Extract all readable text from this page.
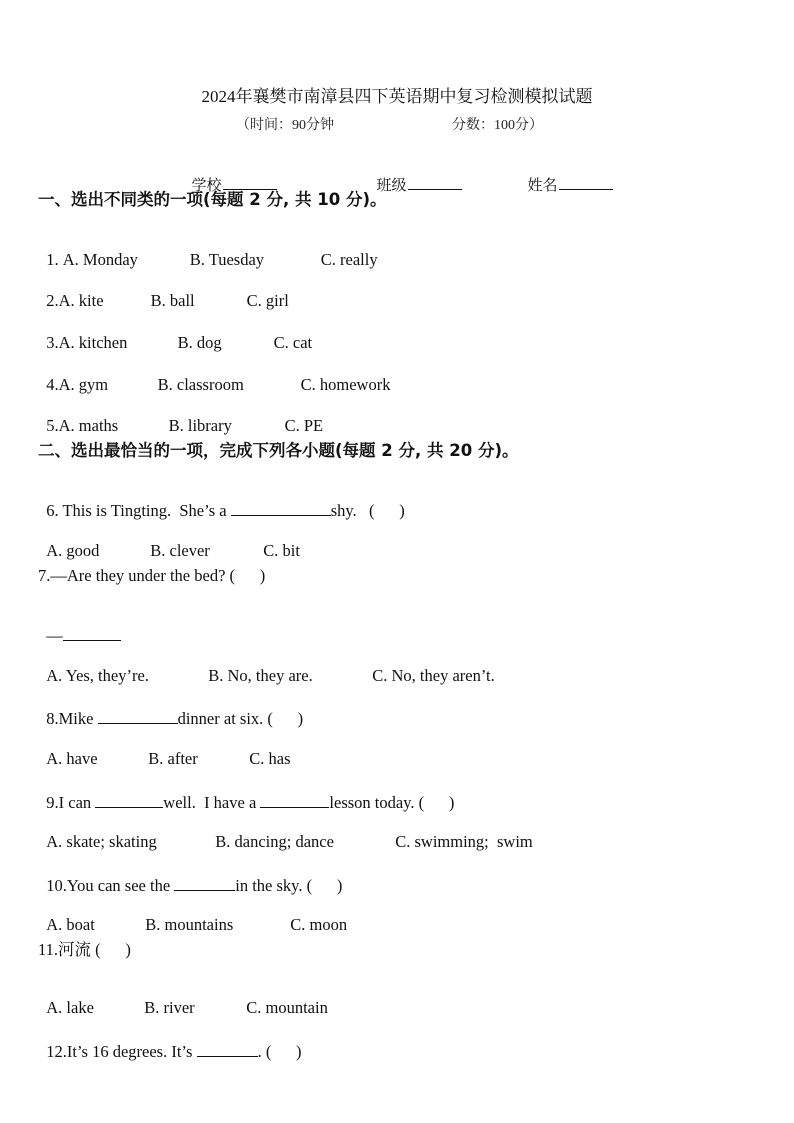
2024年襄樊市南漳县四下英语期中复习检测模拟试题
（时间：90分钟	分数：100分）

学校	班级	姓名

一、选出不同类的一项(每题 2 分, 共 10 分)。

1. A. Monday	B. Tuesday	C. really

2.A. kite	B. ball	C. girl

3.A. kitchen	B. dog	C. cat

4.A. gym	B. classroom	C. homework

5.A. maths	B. library	C. PE

二、选出最恰当的一项，完成下列各小题(每题 2 分, 共 20 分)。

6. This is Tingting.  She’s a	shy.   (      )

A. good	B. clever	C. bit

7.—Are they under the bed? (      )

—

A. Yes, they’re.	B. No, they are.	C. No, they aren’t.

8.Mike	dinner at six. (      )

A. have	B. after	C. has

9.I can	well.  I have a	lesson today. (      )

A. skate; skating	B. dancing; dance	C. swimming;  swim

10.You can see the	in the sky. (      )

A. boat	B. mountains	C. moon

11.河流 (      )

A. lake	B. river	C. mountain

12.It’s 16 degrees. It’s	. (      )
